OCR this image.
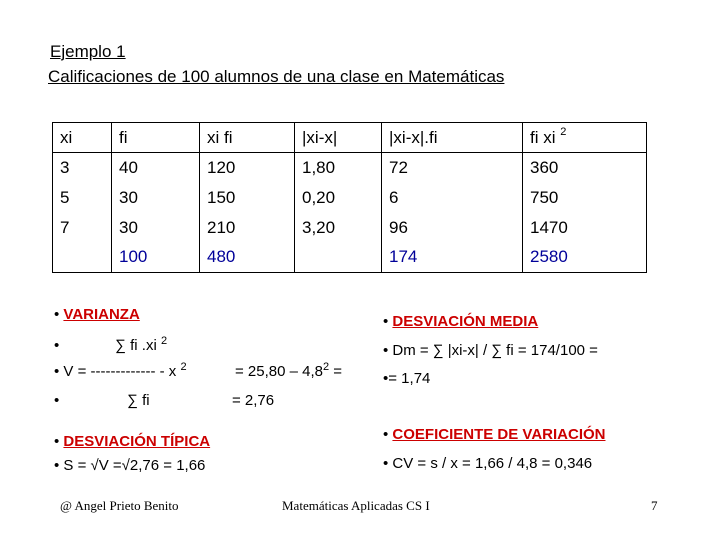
Ejemplo 1
Calificaciones de 100 alumnos de una clase en Matemáticas
xi	fi	xi fi	|xi-x|	|xi-x|.fi	fi xi $^2$
3	40	120	1,80	72	360
5	30	150	0,20	6	750
7	30	210	3,20	96	1470
	100	480		174	2580
• VARIANZA
•	∑ fi .xi $^2$
• V = ------------- - x $^2$	= $25,80 - 4,8^2$ =
•	∑ fi	= 2,76
• DESVIACIÓN MEDIA
• Dm = ∑ |xi-x| / ∑ fi = 174/100 =
•= 1,74
• DESVIACIÓN TÍPICA
• S = √V =√2,76 = 1,66
• COEFICIENTE DE VARIACIÓN
• CV = s / x = 1,66 / 4,8 = 0,346
@ Angel Prieto Benito	Matemáticas Aplicadas CS I	7
